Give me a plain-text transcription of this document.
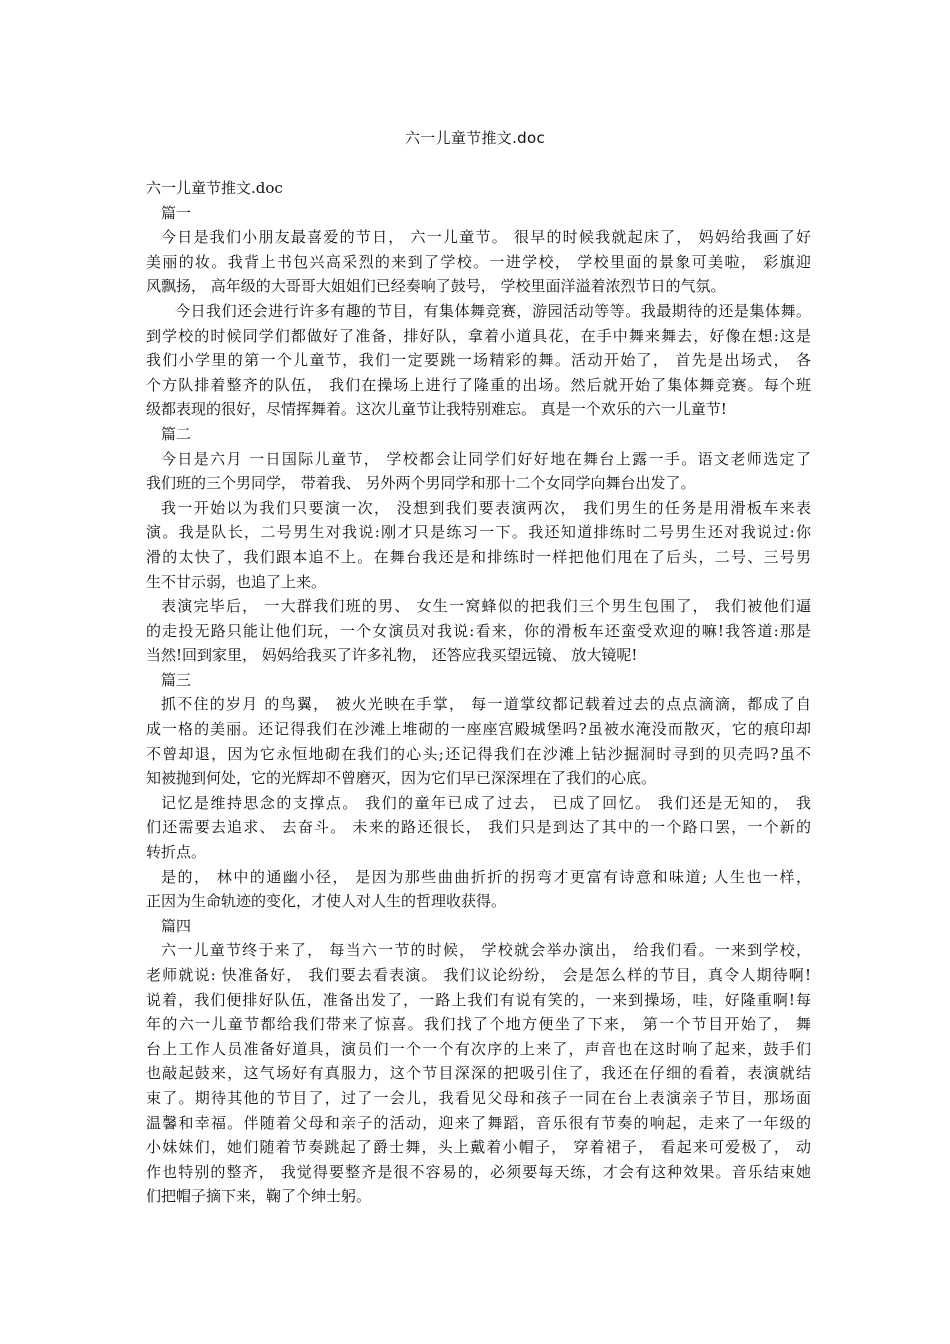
六一儿童节推文.doc
六一儿童节推文.doc
篇一
今日是我们小朋友最喜爱的节日， 六一儿童节。 很早的时候我就起床了， 妈妈给我画了好
美丽的妆。我背上书包兴高采烈的来到了学校。一进学校， 学校里面的景象可美啦， 彩旗迎
风飘扬， 高年级的大哥哥大姐姐们已经奏响了鼓号， 学校里面洋溢着浓烈节日的气氛。
今日我们还会进行许多有趣的节目，有集体舞竞赛，游园活动等等。我最期待的还是集体舞。
到学校的时候同学们都做好了准备，排好队，拿着小道具花，在手中舞来舞去，好像在想:这是
我们小学里的第一个儿童节，我们一定要跳一场精彩的舞。活动开始了， 首先是出场式， 各
个方队排着整齐的队伍， 我们在操场上进行了隆重的出场。然后就开始了集体舞竞赛。每个班
级都表现的很好，尽情挥舞着。这次儿童节让我特别难忘。 真是一个欢乐的六一儿童节!
篇二
今日是六月 一日国际儿童节， 学校都会让同学们好好地在舞台上露一手。语文老师选定了
我们班的三个男同学， 带着我、 另外两个男同学和那十二个女同学向舞台出发了。
我一开始以为我们只要演一次， 没想到我们要表演两次， 我们男生的任务是用滑板车来表
演。我是队长，二号男生对我说:刚才只是练习一下。我还知道排练时二号男生还对我说过:你
滑的太快了，我们跟本追不上。在舞台我还是和排练时一样把他们甩在了后头，二号、三号男
生不甘示弱，也追了上来。
表演完毕后， 一大群我们班的男、 女生一窝蜂似的把我们三个男生包围了， 我们被他们逼
的走投无路只能让他们玩，一个女演员对我说:看来，你的滑板车还蛮受欢迎的嘛!我答道:那是
当然!回到家里， 妈妈给我买了许多礼物， 还答应我买望远镜、 放大镜呢!
篇三
抓不住的岁月 的鸟翼， 被火光映在手掌， 每一道掌纹都记载着过去的点点滴滴，都成了自
成一格的美丽。还记得我们在沙滩上堆砌的一座座宫殿城堡吗?虽被水淹没而散灭，它的痕印却
不曾却退，因为它永恒地砌在我们的心头;还记得我们在沙滩上钻沙掘洞时寻到的贝壳吗?虽不
知被抛到何处，它的光辉却不曾磨灭，因为它们早已深深埋在了我们的心底。
记忆是维持思念的支撑点。 我们的童年已成了过去， 已成了回忆。 我们还是无知的， 我
们还需要去追求、 去奋斗。 未来的路还很长， 我们只是到达了其中的一个路口罢，一个新的
转折点。
是的， 林中的通幽小径， 是因为那些曲曲折折的拐弯才更富有诗意和味道; 人生也一样，
正因为生命轨迹的变化，才使人对人生的哲理收获得。
篇四
六一儿童节终于来了， 每当六一节的时候， 学校就会举办演出， 给我们看。一来到学校，
老师就说: 快准备好， 我们要去看表演。 我们议论纷纷， 会是怎么样的节目，真令人期待啊!
说着，我们便排好队伍，准备出发了，一路上我们有说有笑的，一来到操场，哇，好隆重啊!每
年的六一儿童节都给我们带来了惊喜。我们找了个地方便坐了下来， 第一个节目开始了， 舞
台上工作人员准备好道具，演员们一个一个有次序的上来了，声音也在这时响了起来，鼓手们
也敲起鼓来，这气场好有真服力，这个节目深深的把吸引住了，我还在仔细的看着，表演就结
束了。期待其他的节目了，过了一会儿，我看见父母和孩子一同在台上表演亲子节目，那场面
温馨和幸福。伴随着父母和亲子的活动，迎来了舞蹈，音乐很有节奏的响起，走来了一年级的
小妹妹们，她们随着节奏跳起了爵士舞，头上戴着小帽子， 穿着裙子， 看起来可爱极了， 动
作也特别的整齐， 我觉得要整齐是很不容易的，必须要每天练，才会有这种效果。音乐结束她
们把帽子摘下来，鞠了个绅士躬。
